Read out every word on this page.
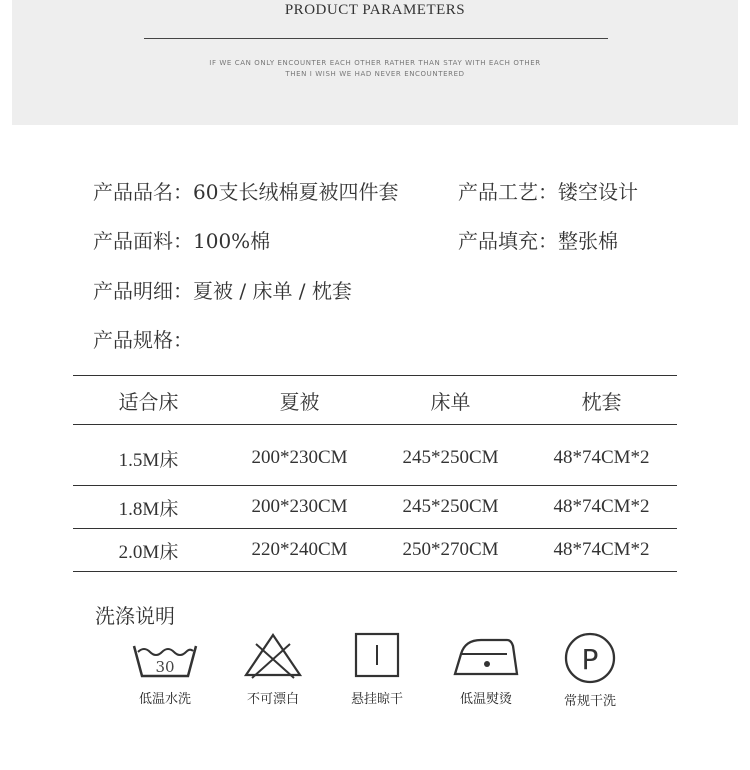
PRODUCT PARAMETERS
IF WE CAN ONLY ENCOUNTER EACH OTHER RATHER THAN STAY WITH EACH OTHER
THEN I WISH WE HAD NEVER ENCOUNTERED
产品品名：60支长绒棉夏被四件套	产品工艺：镂空设计
产品面料：100%棉	产品填充：整张棉
产品明细：夏被 / 床单 / 枕套
产品规格：
适合床	夏被	床单	枕套
1.5M床	200*230CM	245*250CM	48*74CM*2
1.8M床	200*230CM	245*250CM	48*74CM*2
2.0M床	220*240CM	250*270CM	48*74CM*2
洗涤说明
30
低温水洗	不可漂白	悬挂晾干	低温熨烫
P
常规干洗
